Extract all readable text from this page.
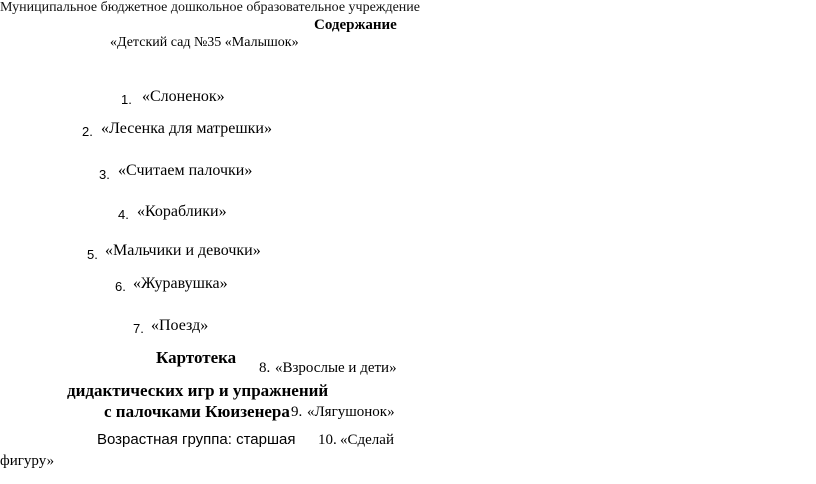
Муниципальное бюджетное дошкольное образовательное учреждение
Содержание
«Детский сад №35 «Малышок»
1. «Слоненок»
2. «Лесенка для матрешки»
3. «Считаем палочки»
4. «Кораблики»
5. «Мальчики и девочки»
6. «Журавушка»
7. «Поезд»
Картотека
8. «Взрослые и дети»
дидактических игр и упражнений
с палочками Кюизенера 9. «Лягушонок»
Возрастная группа: старшая 10. «Сделай
фигуру»
